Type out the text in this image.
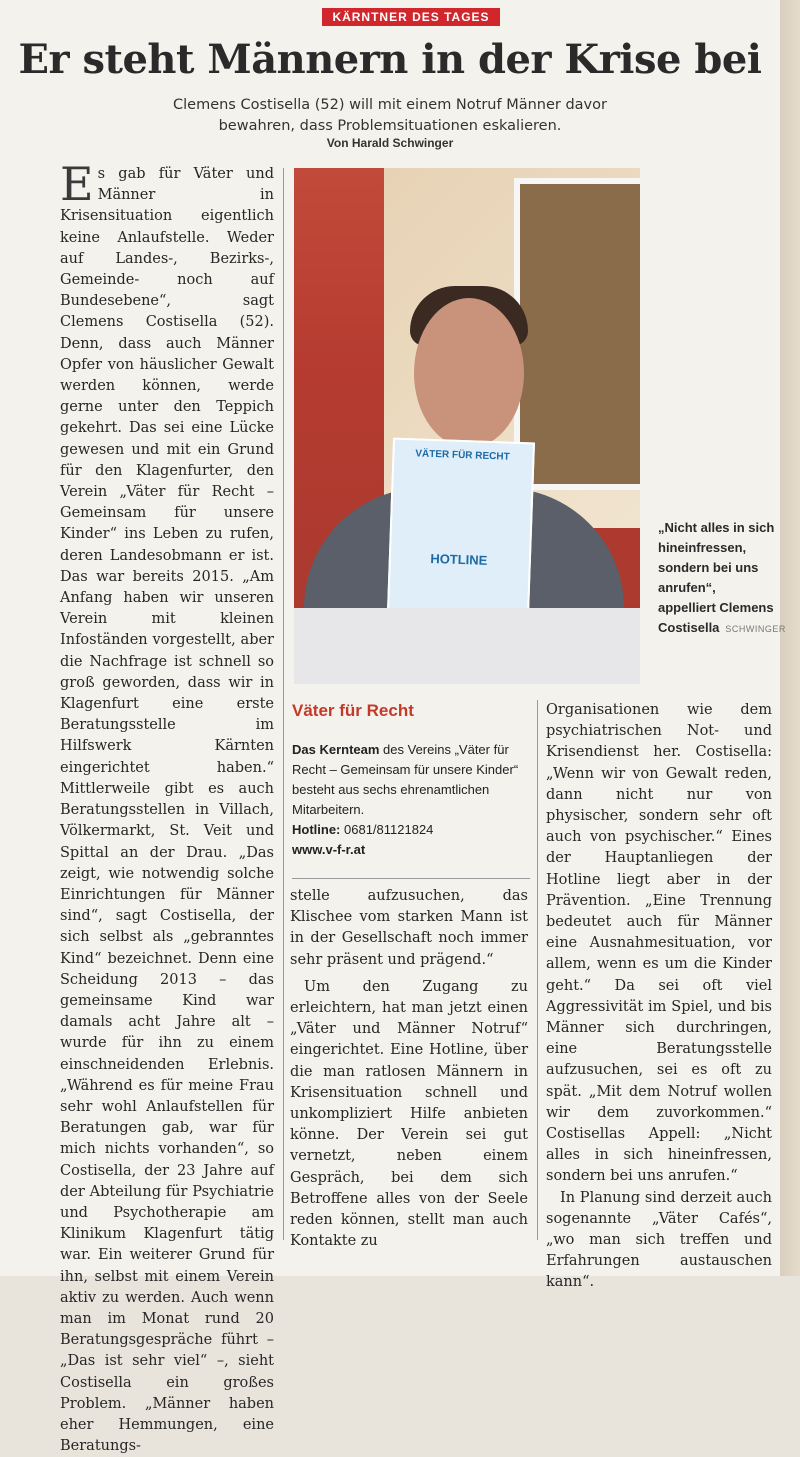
KÄRNTNER DES TAGES
Er steht Männern in der Krise bei
Clemens Costisella (52) will mit einem Notruf Männer davor bewahren, dass Problemsituationen eskalieren.
Von Harald Schwinger

Es gab für Väter und Männer in Krisensituation eigentlich keine Anlaufstelle. Weder auf Landes-, Bezirks-, Gemeinde- noch auf Bundesebene“, sagt Clemens Costisella (52). Denn, dass auch Männer Opfer von häuslicher Gewalt werden können, werde gerne unter den Teppich gekehrt. Das sei eine Lücke gewesen und mit ein Grund für den Klagenfurter, den Verein „Väter für Recht – Gemeinsam für unsere Kinder“ ins Leben zu rufen, deren Landesobmann er ist. Das war bereits 2015. „Am Anfang haben wir unseren Verein mit kleinen Infoständen vorgestellt, aber die Nachfrage ist schnell so groß geworden, dass wir in Klagenfurt eine erste Beratungsstelle im Hilfswerk Kärnten eingerichtet haben.“ Mittlerweile gibt es auch Beratungsstellen in Villach, Völkermarkt, St. Veit und Spittal an der Drau. „Das zeigt, wie notwendig solche Einrichtungen für Männer sind“, sagt Costisella, der sich selbst als „gebranntes Kind“ bezeichnet. Denn eine Scheidung 2013 – das gemeinsame Kind war damals acht Jahre alt – wurde für ihn zu einem einschneidenden Erlebnis. „Während es für meine Frau sehr wohl Anlaufstellen für Beratungen gab, war für mich nichts vorhanden“, so Costisella, der 23 Jahre auf der Abteilung für Psychiatrie und Psychotherapie am Klinikum Klagenfurt tätig war. Ein weiterer Grund für ihn, selbst mit einem Verein aktiv zu werden. Auch wenn man im Monat rund 20 Beratungsgespräche führt – „Das ist sehr viel“ –, sieht Costisella ein großes Problem. „Männer haben eher Hemmungen, eine Beratungs-

VÄTER FÜR RECHT
HOTLINE
„Nicht alles in sich hineinfressen, sondern bei uns anrufen“, appelliert Clemens Costisella SCHWINGER
Väter für Recht
Das Kernteam des Vereins „Väter für Recht – Gemeinsam für unsere Kinder“ besteht aus sechs ehrenamtlichen Mitarbeitern.
Hotline: 0681/81121824
www.v-f-r.at

stelle aufzusuchen, das Klischee vom starken Mann ist in der Gesellschaft noch immer sehr präsent und prägend.“

Um den Zugang zu erleichtern, hat man jetzt einen „Väter und Männer Notruf“ eingerichtet. Eine Hotline, über die man ratlosen Männern in Krisensituation schnell und unkompliziert Hilfe anbieten könne. Der Verein sei gut vernetzt, neben einem Gespräch, bei dem sich Betroffene alles von der Seele reden können, stellt man auch Kontakte zu

Organisationen wie dem psychiatrischen Not- und Krisendienst her. Costisella: „Wenn wir von Gewalt reden, dann nicht nur von physischer, sondern sehr oft auch von psychischer.“ Eines der Hauptanliegen der Hotline liegt aber in der Prävention. „Eine Trennung bedeutet auch für Männer eine Ausnahmesituation, vor allem, wenn es um die Kinder geht.“ Da sei oft viel Aggressivität im Spiel, und bis Männer sich durchringen, eine Beratungsstelle aufzusuchen, sei es oft zu spät. „Mit dem Notruf wollen wir dem zuvorkommen.“ Costisellas Appell: „Nicht alles in sich hineinfressen, sondern bei uns anrufen.“

In Planung sind derzeit auch sogenannte „Väter Cafés“, „wo man sich treffen und Erfahrungen austauschen kann“.
